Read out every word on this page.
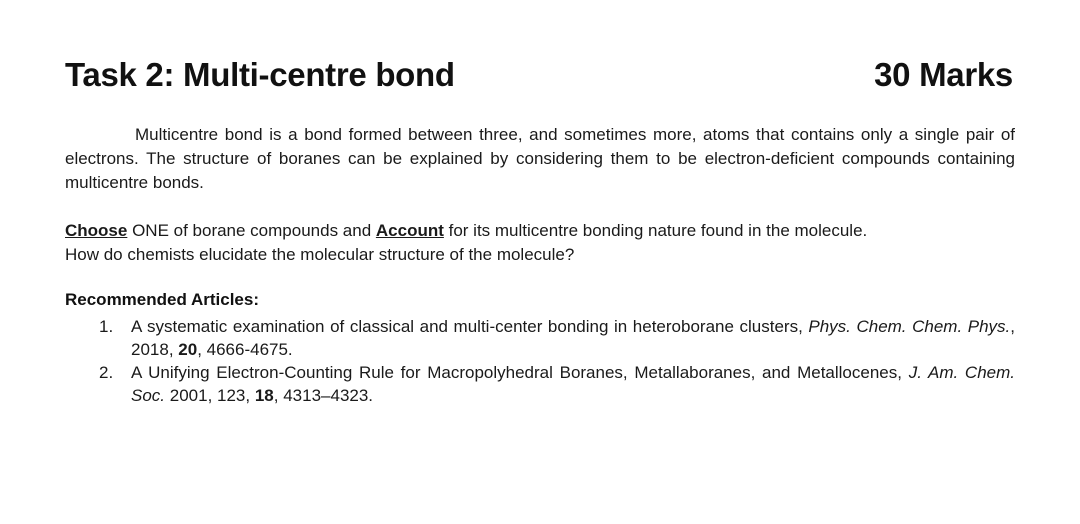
Task 2: Multi-centre bond	30 Marks
Multicentre bond is a bond formed between three, and sometimes more, atoms that contains only a single pair of electrons. The structure of boranes can be explained by considering them to be electron-deficient compounds containing multicentre bonds.
Choose ONE of borane compounds and Account for its multicentre bonding nature found in the molecule.
How do chemists elucidate the molecular structure of the molecule?
Recommended Articles:
1. A systematic examination of classical and multi-center bonding in heteroborane clusters, Phys. Chem. Chem. Phys., 2018, 20, 4666-4675.
2. A Unifying Electron-Counting Rule for Macropolyhedral Boranes, Metallaboranes, and Metallocenes, J. Am. Chem. Soc. 2001, 123, 18, 4313–4323.
